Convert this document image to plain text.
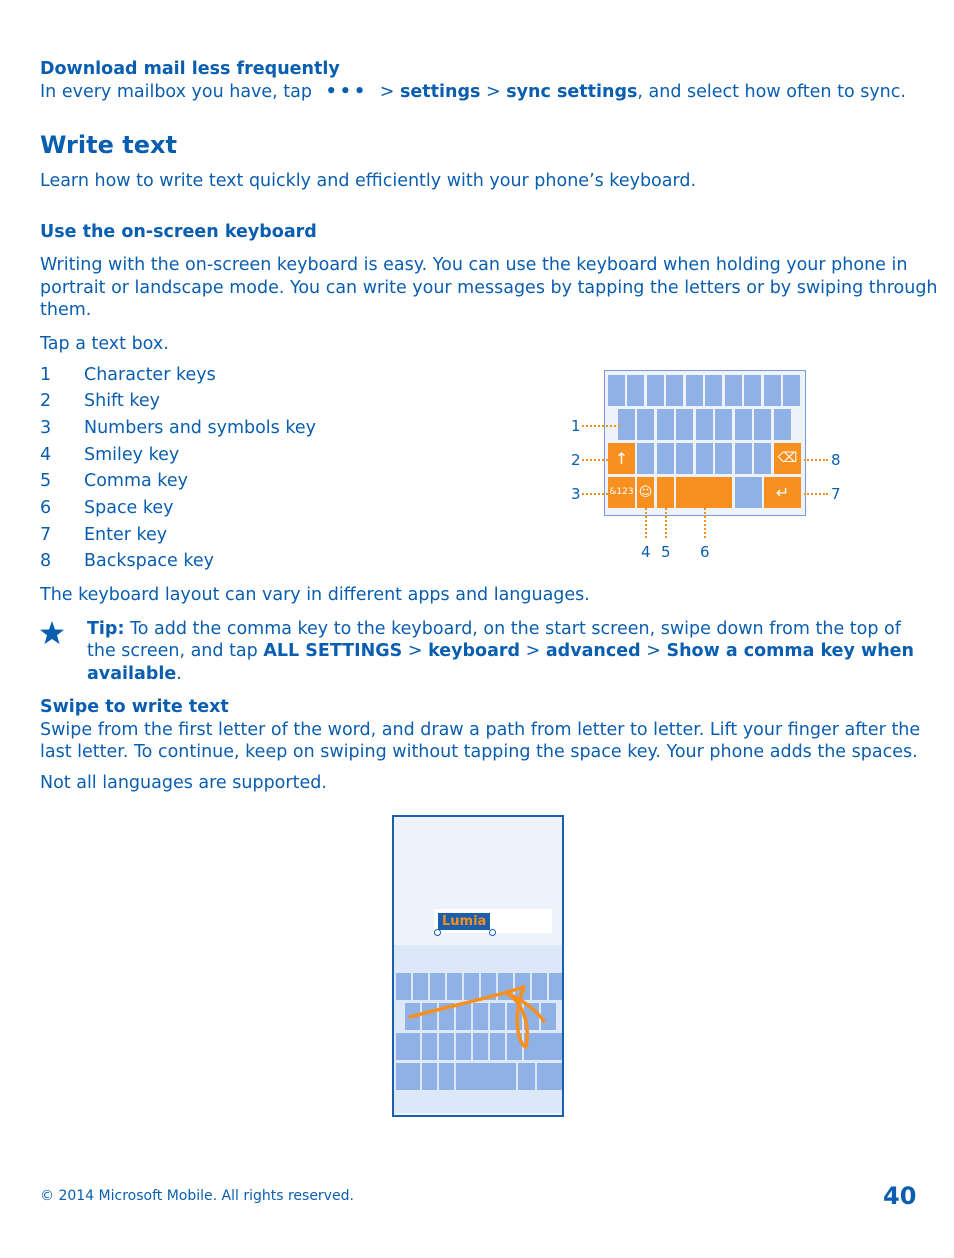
Download mail less frequently
In every mailbox you have, tap ••• > settings > sync settings, and select how often to sync.
Write text
Learn how to write text quickly and efficiently with your phone’s keyboard.
Use the on-screen keyboard
Writing with the on-screen keyboard is easy. You can use the keyboard when holding your phone in
portrait or landscape mode. You can write your messages by tapping the letters or by swiping through
them.
Tap a text box.
1 Character keys
2 Shift key
3 Numbers and symbols key
4 Smiley key
5 Comma key
6 Space key
7 Enter key
8 Backspace key
↑	⌫
&123 ☺	↵
1
2
3
8
7
4 5 6
The keyboard layout can vary in different apps and languages.
Tip: To add the comma key to the keyboard, on the start screen, swipe down from the top of
the screen, and tap ALL SETTINGS > keyboard > advanced > Show a comma key when
available.
Swipe to write text
Swipe from the first letter of the word, and draw a path from letter to letter. Lift your finger after the
last letter. To continue, keep on swiping without tapping the space key. Your phone adds the spaces.
Not all languages are supported.
Lumia
© 2014 Microsoft Mobile. All rights reserved.	40
